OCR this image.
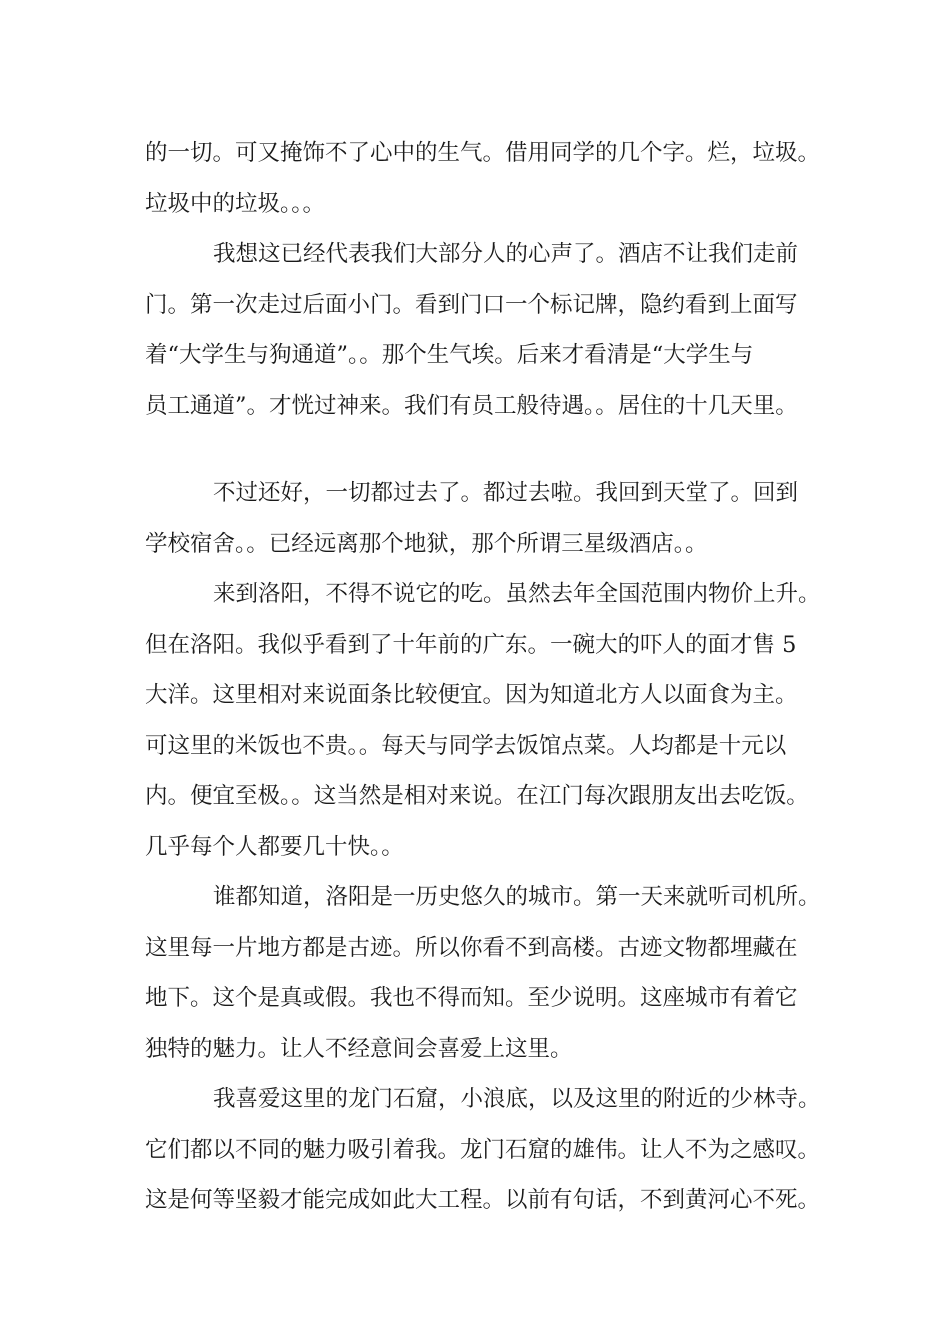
的一切。可又掩饰不了心中的生气。借用同学的几个字。烂，垃圾。
垃圾中的垃圾。。。
我想这已经代表我们大部分人的心声了。酒店不让我们走前
门。第一次走过后面小门。看到门口一个标记牌，隐约看到上面写
着“大学生与狗通道”。。那个生气埃。后来才看清是“大学生与
员工通道”。才恍过神来。我们有员工般待遇。。居住的十几天里。
不过还好，一切都过去了。都过去啦。我回到天堂了。回到
学校宿舍。。已经远离那个地狱，那个所谓三星级酒店。。
来到洛阳，不得不说它的吃。虽然去年全国范围内物价上升。
但在洛阳。我似乎看到了十年前的广东。一碗大的吓人的面才售 5
大洋。这里相对来说面条比较便宜。因为知道北方人以面食为主。
可这里的米饭也不贵。。每天与同学去饭馆点菜。人均都是十元以
内。便宜至极。。这当然是相对来说。在江门每次跟朋友出去吃饭。
几乎每个人都要几十快。。
谁都知道，洛阳是一历史悠久的城市。第一天来就听司机所。
这里每一片地方都是古迹。所以你看不到高楼。古迹文物都埋藏在
地下。这个是真或假。我也不得而知。至少说明。这座城市有着它
独特的魅力。让人不经意间会喜爱上这里。
我喜爱这里的龙门石窟，小浪底，以及这里的附近的少林寺。
它们都以不同的魅力吸引着我。龙门石窟的雄伟。让人不为之感叹。
这是何等坚毅才能完成如此大工程。以前有句话，不到黄河心不死。
